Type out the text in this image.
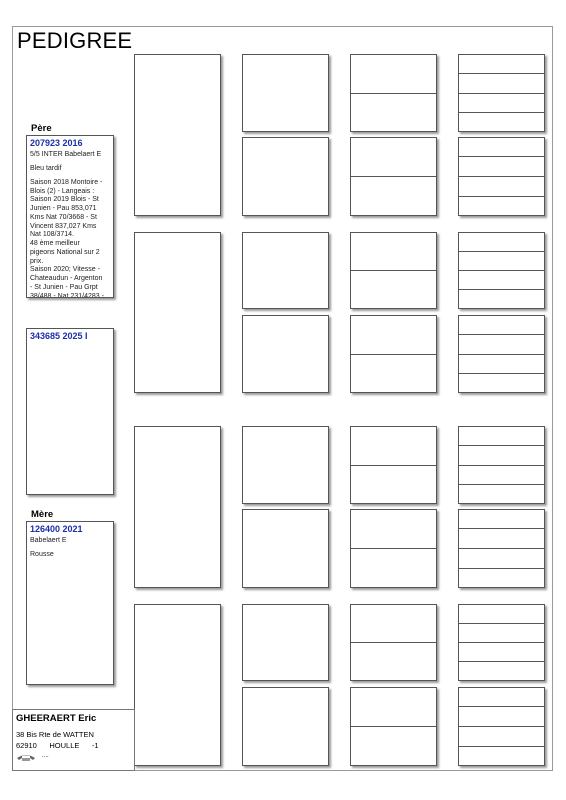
PEDIGREE
Père
207923 2016
5/5 INTER Babelaert E
Bleu tardif
Saison 2018 Montoire -
Blois (2) - Langeais :
Saison 2019 Blois - St
Junien - Pau 853,071
Kms Nat 70/3668 - St
Vincent 837,027 Kms
Nat 108/3714.
48 ème meilleur
pigeons National sur 2
prix.
Saison 2020; Vitesse -
Chateaudun - Argenton
- St Junien - Pau Grpt
38/488 - Nat 231/4283 -
343685 2025 I
Mère
126400 2021
Babelaert E
Rousse
GHEERAERT Eric
38 Bis Rte de WATTEN
62910      HOULLE      -1
....
